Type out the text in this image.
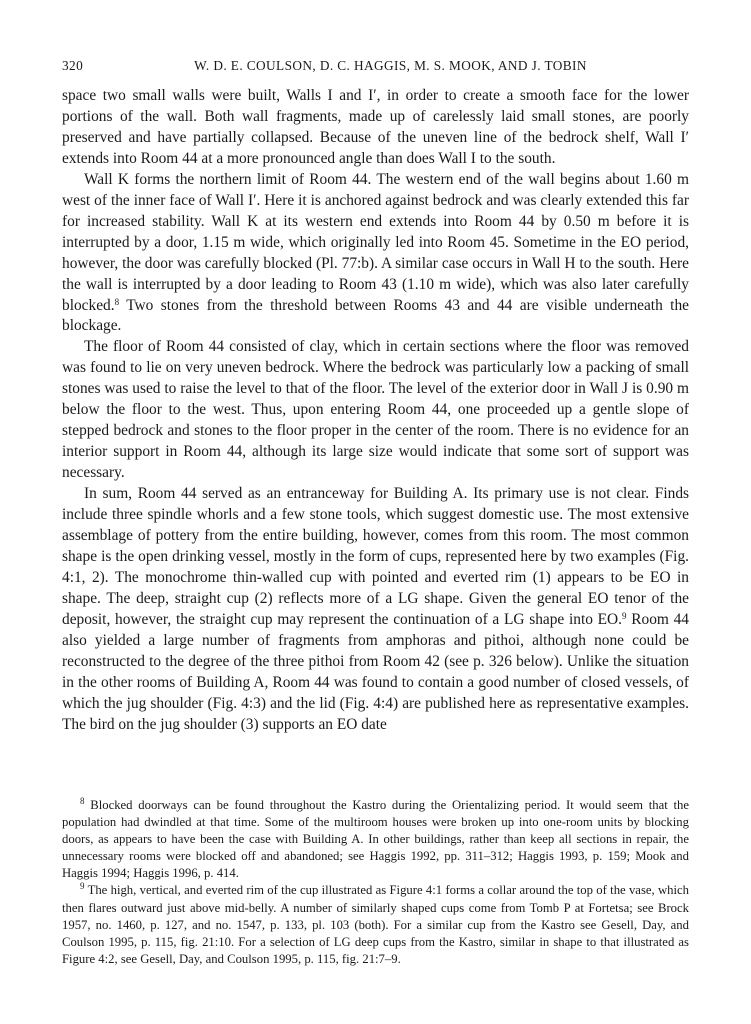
320	W. D. E. COULSON, D. C. HAGGIS, M. S. MOOK, AND J. TOBIN

space two small walls were built, Walls I and I′, in order to create a smooth face for the lower portions of the wall. Both wall fragments, made up of carelessly laid small stones, are poorly preserved and have partially collapsed. Because of the uneven line of the bedrock shelf, Wall I′ extends into Room 44 at a more pronounced angle than does Wall I to the south.

Wall K forms the northern limit of Room 44. The western end of the wall begins about 1.60 m west of the inner face of Wall I′. Here it is anchored against bedrock and was clearly extended this far for increased stability. Wall K at its western end extends into Room 44 by 0.50 m before it is interrupted by a door, 1.15 m wide, which originally led into Room 45. Sometime in the EO period, however, the door was carefully blocked (Pl. 77:b). A similar case occurs in Wall H to the south. Here the wall is interrupted by a door leading to Room 43 (1.10 m wide), which was also later carefully blocked.$^8$ Two stones from the threshold between Rooms 43 and 44 are visible underneath the blockage.

The floor of Room 44 consisted of clay, which in certain sections where the floor was removed was found to lie on very uneven bedrock. Where the bedrock was particularly low a packing of small stones was used to raise the level to that of the floor. The level of the exterior door in Wall J is 0.90 m below the floor to the west. Thus, upon entering Room 44, one proceeded up a gentle slope of stepped bedrock and stones to the floor proper in the center of the room. There is no evidence for an interior support in Room 44, although its large size would indicate that some sort of support was necessary.

In sum, Room 44 served as an entranceway for Building A. Its primary use is not clear. Finds include three spindle whorls and a few stone tools, which suggest domestic use. The most extensive assemblage of pottery from the entire building, however, comes from this room. The most common shape is the open drinking vessel, mostly in the form of cups, represented here by two examples (Fig. 4:1, 2). The monochrome thin-walled cup with pointed and everted rim (1) appears to be EO in shape. The deep, straight cup (2) reflects more of a LG shape. Given the general EO tenor of the deposit, however, the straight cup may represent the continuation of a LG shape into EO.$^9$ Room 44 also yielded a large number of fragments from amphoras and pithoi, although none could be reconstructed to the degree of the three pithoi from Room 42 (see p. 326 below). Unlike the situation in the other rooms of Building A, Room 44 was found to contain a good number of closed vessels, of which the jug shoulder (Fig. 4:3) and the lid (Fig. 4:4) are published here as representative examples. The bird on the jug shoulder (3) supports an EO date

$^8$ Blocked doorways can be found throughout the Kastro during the Orientalizing period. It would seem that the population had dwindled at that time. Some of the multiroom houses were broken up into one-room units by blocking doors, as appears to have been the case with Building A. In other buildings, rather than keep all sections in repair, the unnecessary rooms were blocked off and abandoned; see Haggis 1992, pp. 311–312; Haggis 1993, p. 159; Mook and Haggis 1994; Haggis 1996, p. 414.

$^9$ The high, vertical, and everted rim of the cup illustrated as Figure 4:1 forms a collar around the top of the vase, which then flares outward just above mid-belly. A number of similarly shaped cups come from Tomb P at Fortetsa; see Brock 1957, no. 1460, p. 127, and no. 1547, p. 133, pl. 103 (both). For a similar cup from the Kastro see Gesell, Day, and Coulson 1995, p. 115, fig. 21:10. For a selection of LG deep cups from the Kastro, similar in shape to that illustrated as Figure 4:2, see Gesell, Day, and Coulson 1995, p. 115, fig. 21:7–9.
